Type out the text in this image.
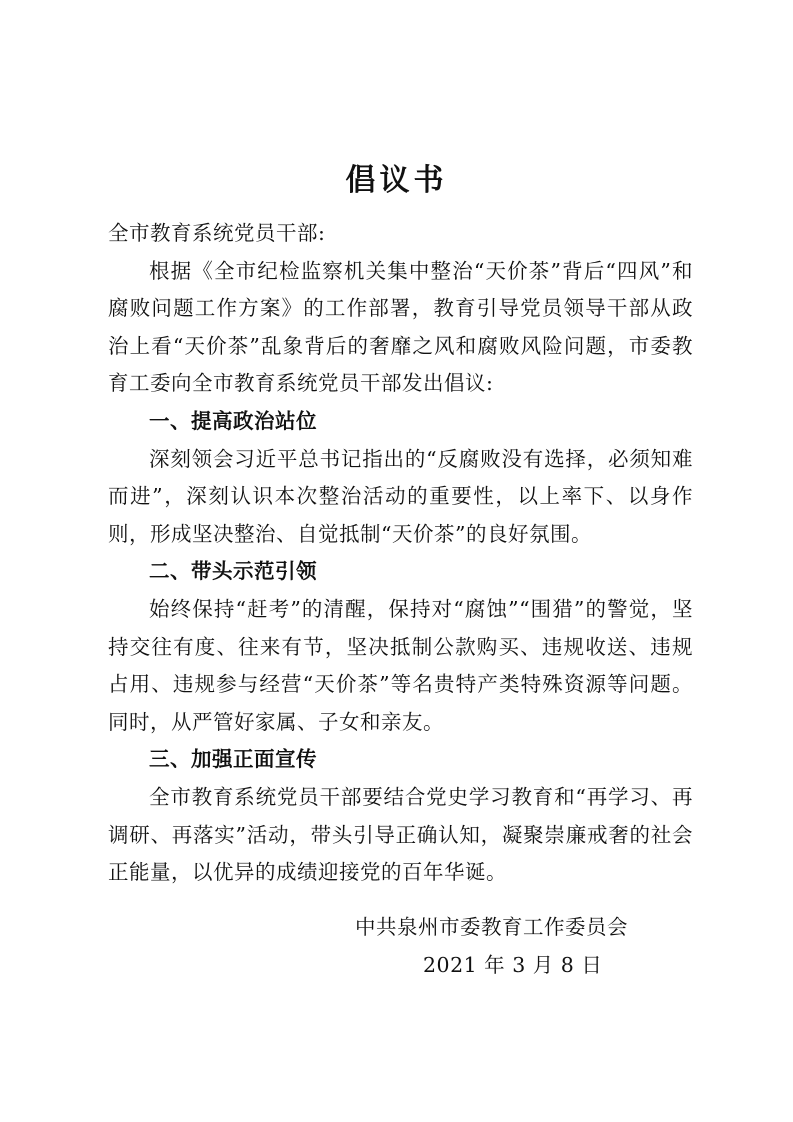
倡议书

全市教育系统党员干部:

根据《全市纪检监察机关集中整治“天价茶”背后“四风”和腐败问题工作方案》的工作部署，教育引导党员领导干部从政治上看“天价茶”乱象背后的奢靡之风和腐败风险问题，市委教育工委向全市教育系统党员干部发出倡议:

一、提高政治站位

深刻领会习近平总书记指出的“反腐败没有选择，必须知难而进”，深刻认识本次整治活动的重要性，以上率下、以身作则，形成坚决整治、自觉抵制“天价茶”的良好氛围。

二、带头示范引领

始终保持“赶考”的清醒，保持对“腐蚀”“围猎”的警觉，坚持交往有度、往来有节，坚决抵制公款购买、违规收送、违规占用、违规参与经营“天价茶”等名贵特产类特殊资源等问题。同时，从严管好家属、子女和亲友。

三、加强正面宣传

全市教育系统党员干部要结合党史学习教育和“再学习、再调研、再落实”活动，带头引导正确认知，凝聚崇廉戒奢的社会正能量，以优异的成绩迎接党的百年华诞。

中共泉州市委教育工作委员会

2021 年 3 月 8 日
